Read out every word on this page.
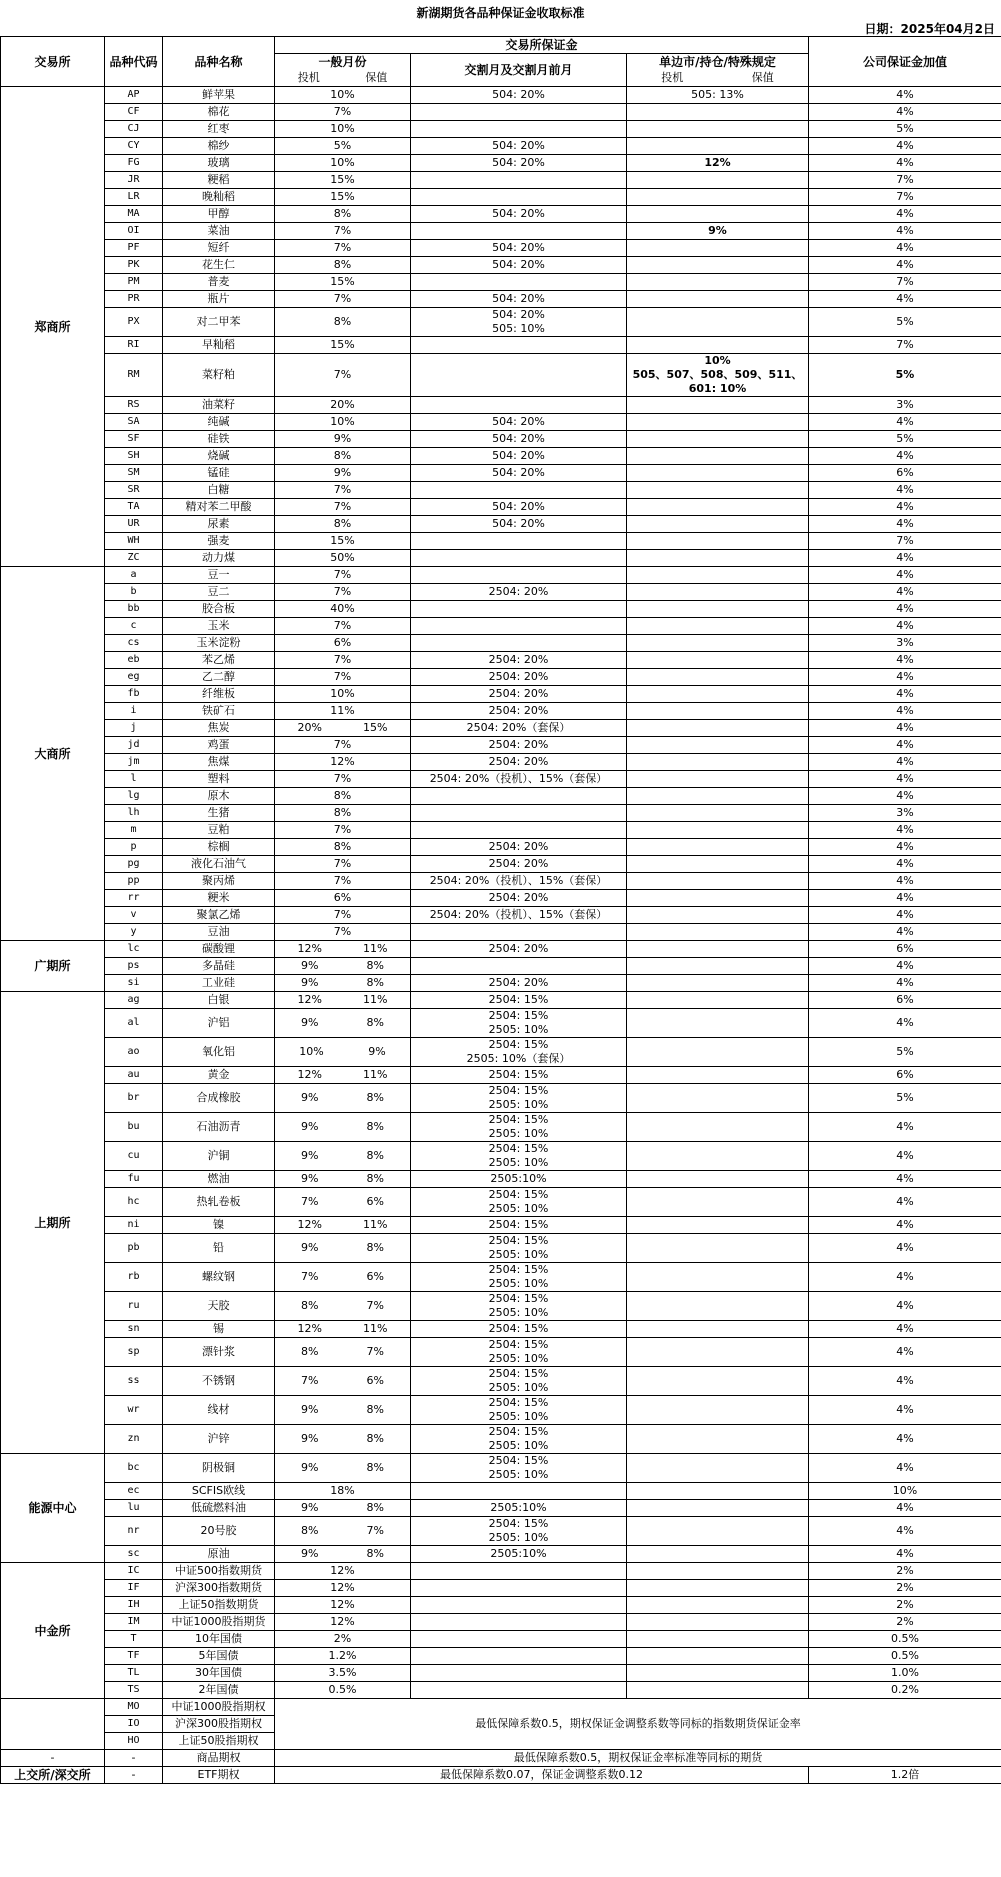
新湖期货各品种保证金收取标准
日期：2025年04月2日
交易所	品种代码	品种名称	交易所保证金			公司保证金加值
			一般月份	交割月及交割月前月	单边市/持仓/特殊规定	

			投机 保值		投机 保值	

郑商所	AP	鲜苹果	10%	504: 20%	505: 13%	4%
	CF	棉花	7%			4%
	CJ	红枣	10%			5%
	CY	棉纱	5%	504: 20%		4%
	FG	玻璃	10%	504: 20%	12%	4%
	JR	粳稻	15%			7%
	LR	晚籼稻	15%			7%
	MA	甲醇	8%	504: 20%		4%
	OI	菜油	7%		9%	4%
	PF	短纤	7%	504: 20%		4%
	PK	花生仁	8%	504: 20%		4%
	PM	普麦	15%			7%
	PR	瓶片	7%	504: 20%		4%
	PX	对二甲苯	8%	504: 20%
505: 10%		5%
	RI	早籼稻	15%			7%
	RM	菜籽粕	7%		10%
505、507、508、509、511、
601: 10%	5%
	RS	油菜籽	20%			3%
	SA	纯碱	10%	504: 20%		4%
	SF	硅铁	9%	504: 20%		5%
	SH	烧碱	8%	504: 20%		4%
	SM	锰硅	9%	504: 20%		6%
	SR	白糖	7%			4%
	TA	精对苯二甲酸	7%	504: 20%		4%
	UR	尿素	8%	504: 20%		4%
	WH	强麦	15%			7%
	ZC	动力煤	50%			4%
大商所	a	豆一	7%			4%
	b	豆二	7%	2504: 20%		4%
	bb	胶合板	40%			4%
	c	玉米	7%			4%
	cs	玉米淀粉	6%			3%
	eb	苯乙烯	7%	2504: 20%		4%
	eg	乙二醇	7%	2504: 20%		4%
	fb	纤维板	10%	2504: 20%		4%
	i	铁矿石	11%	2504: 20%		4%
	j	焦炭	20% 15%	2504: 20%（套保）		4%
	jd	鸡蛋	7%	2504: 20%		4%
	jm	焦煤	12%	2504: 20%		4%
	l	塑料	7%	2504: 20%（投机）、15%（套保）		4%
	lg	原木	8%			4%
	lh	生猪	8%			3%
	m	豆粕	7%			4%
	p	棕榈	8%	2504: 20%		4%
	pg	液化石油气	7%	2504: 20%		4%
	pp	聚丙烯	7%	2504: 20%（投机）、15%（套保）		4%
	rr	粳米	6%	2504: 20%		4%
	v	聚氯乙烯	7%	2504: 20%（投机）、15%（套保）		4%
	y	豆油	7%			4%
广期所	lc	碳酸锂	12% 11%	2504: 20%		6%
	ps	多晶硅	9% 8%			4%
	si	工业硅	9% 8%	2504: 20%		4%
上期所	ag	白银	12% 11%	2504: 15%		6%
	al	沪铝	9% 8%	2504: 15%
2505: 10%		4%
	ao	氧化铝	10% 9%	2504: 15%
2505: 10%（套保）		5%
	au	黄金	12% 11%	2504: 15%		6%
	br	合成橡胶	9% 8%	2504: 15%
2505: 10%		5%
	bu	石油沥青	9% 8%	2504: 15%
2505: 10%		4%
	cu	沪铜	9% 8%	2504: 15%
2505: 10%		4%
	fu	燃油	9% 8%	2505:10%		4%
	hc	热轧卷板	7% 6%	2504: 15%
2505: 10%		4%
	ni	镍	12% 11%	2504: 15%		4%
	pb	铅	9% 8%	2504: 15%
2505: 10%		4%
	rb	螺纹钢	7% 6%	2504: 15%
2505: 10%		4%
	ru	天胶	8% 7%	2504: 15%
2505: 10%		4%
	sn	锡	12% 11%	2504: 15%		4%
	sp	漂针浆	8% 7%	2504: 15%
2505: 10%		4%
	ss	不锈钢	7% 6%	2504: 15%
2505: 10%		4%
	wr	线材	9% 8%	2504: 15%
2505: 10%		4%
	zn	沪锌	9% 8%	2504: 15%
2505: 10%		4%
能源中心	bc	阴极铜	9% 8%	2504: 15%
2505: 10%		4%
	ec	SCFIS欧线	18%			10%
	lu	低硫燃料油	9% 8%	2505:10%		4%
	nr	20号胶	8% 7%	2504: 15%
2505: 10%		4%
	sc	原油	9% 8%	2505:10%		4%
中金所	IC	中证500指数期货	12%			2%
	IF	沪深300指数期货	12%			2%
	IH	上证50指数期货	12%			2%
	IM	中证1000股指期货	12%			2%
	T	10年国债	2%			0.5%
	TF	5年国债	1.2%			0.5%
	TL	30年国债	3.5%			1.0%
	TS	2年国债	0.5%			0.2%
	MO	中证1000股指期权	最低保障系数0.5，期权保证金调整系数等同标的指数期货保证金率			
	IO	沪深300股指期权				
	HO	上证50股指期权				
-	-	商品期权	最低保障系数0.5，期权保证金率标准等同标的期货			
上交所/深交所	-	ETF期权	最低保障系数0.07，保证金调整系数0.12			1.2倍
